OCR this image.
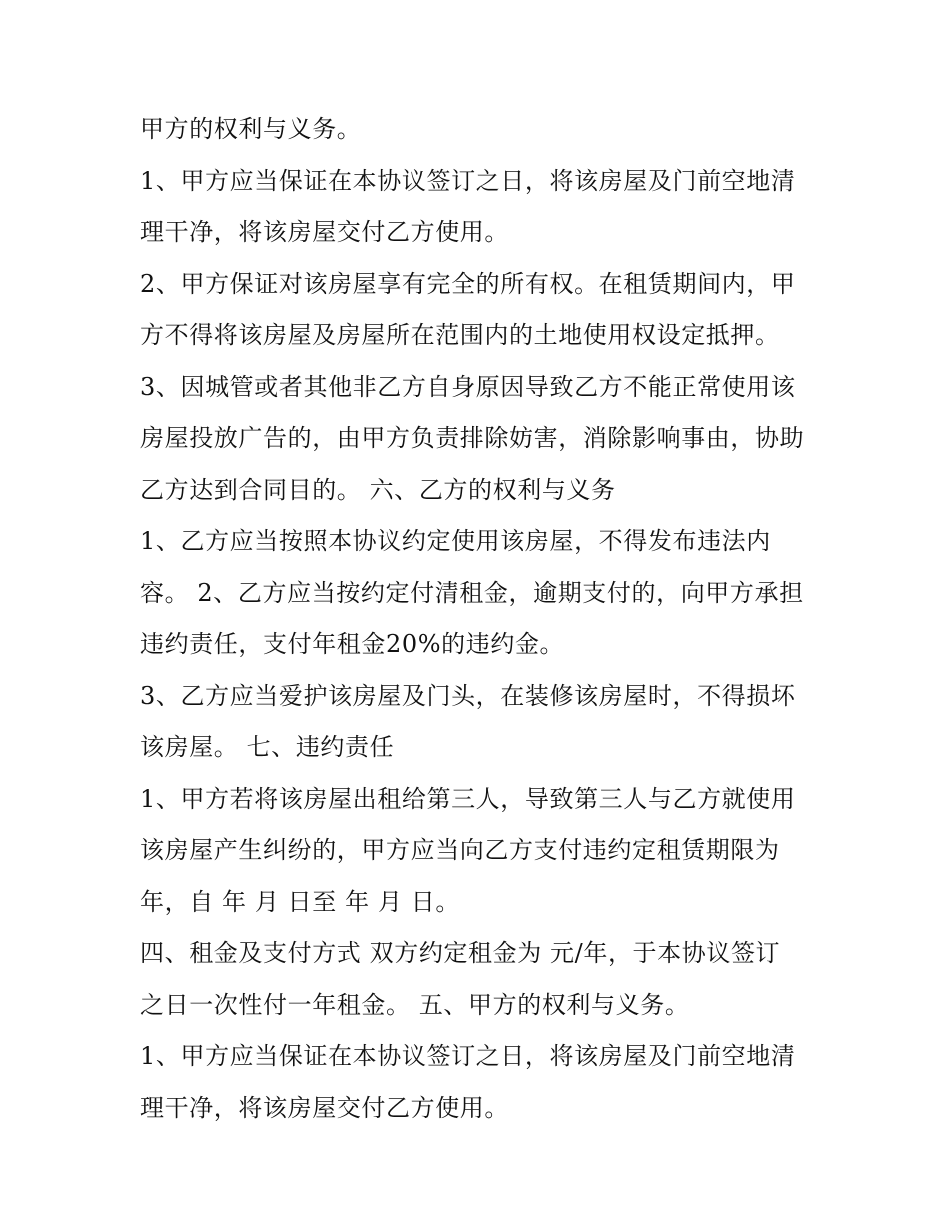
甲方的权利与义务。
1、甲方应当保证在本协议签订之日，将该房屋及门前空地清
理干净，将该房屋交付乙方使用。
2、甲方保证对该房屋享有完全的所有权。在租赁期间内，甲
方不得将该房屋及房屋所在范围内的土地使用权设定抵押。
3、因城管或者其他非乙方自身原因导致乙方不能正常使用该
房屋投放广告的，由甲方负责排除妨害，消除影响事由，协助
乙方达到合同目的。 六、乙方的权利与义务
1、乙方应当按照本协议约定使用该房屋，不得发布违法内
容。 2、乙方应当按约定付清租金，逾期支付的，向甲方承担
违约责任，支付年租金20%的违约金。
3、乙方应当爱护该房屋及门头，在装修该房屋时，不得损坏
该房屋。 七、违约责任
1、甲方若将该房屋出租给第三人，导致第三人与乙方就使用
该房屋产生纠纷的，甲方应当向乙方支付违约定租赁期限为
年，自 年 月 日至 年 月 日。
四、租金及支付方式 双方约定租金为 元/年，于本协议签订
之日一次性付一年租金。 五、甲方的权利与义务。
1、甲方应当保证在本协议签订之日，将该房屋及门前空地清
理干净，将该房屋交付乙方使用。
